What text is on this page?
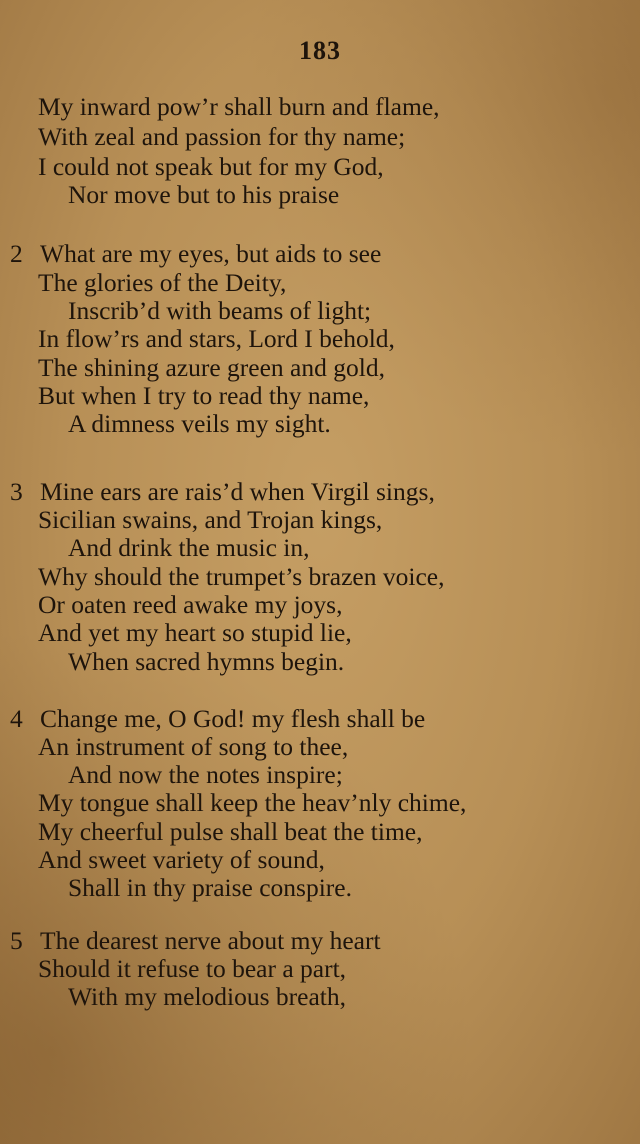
183
My inward pow’r shall burn and flame,
With zeal and passion for thy name;
I could not speak but for my God,
Nor move but to his praise
2 What are my eyes, but aids to see
The glories of the Deity,
Inscrib’d with beams of light;
In flow’rs and stars, Lord I behold,
The shining azure green and gold,
But when I try to read thy name,
A dimness veils my sight.
3 Mine ears are rais’d when Virgil sings,
Sicilian swains, and Trojan kings,
And drink the music in,
Why should the trumpet’s brazen voice,
Or oaten reed awake my joys,
And yet my heart so stupid lie,
When sacred hymns begin.
4 Change me, O God! my flesh shall be
An instrument of song to thee,
And now the notes inspire;
My tongue shall keep the heav’nly chime,
My cheerful pulse shall beat the time,
And sweet variety of sound,
Shall in thy praise conspire.
5 The dearest nerve about my heart
Should it refuse to bear a part,
With my melodious breath,
